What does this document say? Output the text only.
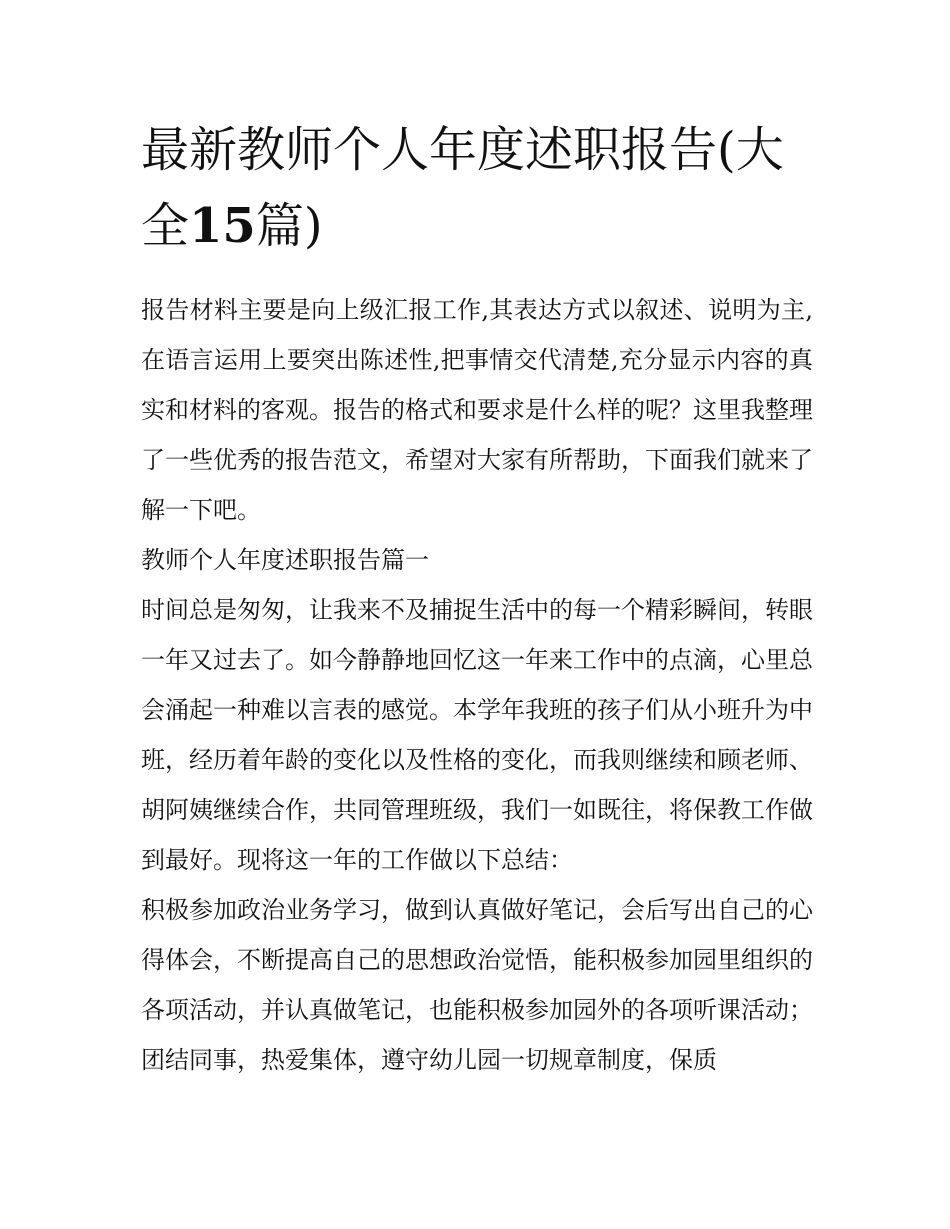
最新教师个人年度述职报告(大全15篇)

报告材料主要是向上级汇报工作,其表达方式以叙述、说明为主,在语言运用上要突出陈述性,把事情交代清楚,充分显示内容的真实和材料的客观。报告的格式和要求是什么样的呢？这里我整理了一些优秀的报告范文，希望对大家有所帮助，下面我们就来了解一下吧。

教师个人年度述职报告篇一

时间总是匆匆，让我来不及捕捉生活中的每一个精彩瞬间，转眼一年又过去了。如今静静地回忆这一年来工作中的点滴，心里总会涌起一种难以言表的感觉。本学年我班的孩子们从小班升为中班，经历着年龄的变化以及性格的变化，而我则继续和顾老师、胡阿姨继续合作，共同管理班级，我们一如既往，将保教工作做到最好。现将这一年的工作做以下总结：

积极参加政治业务学习，做到认真做好笔记，会后写出自己的心得体会，不断提高自己的思想政治觉悟，能积极参加园里组织的各项活动，并认真做笔记，也能积极参加园外的各项听课活动；团结同事，热爱集体，遵守幼儿园一切规章制度，保质
